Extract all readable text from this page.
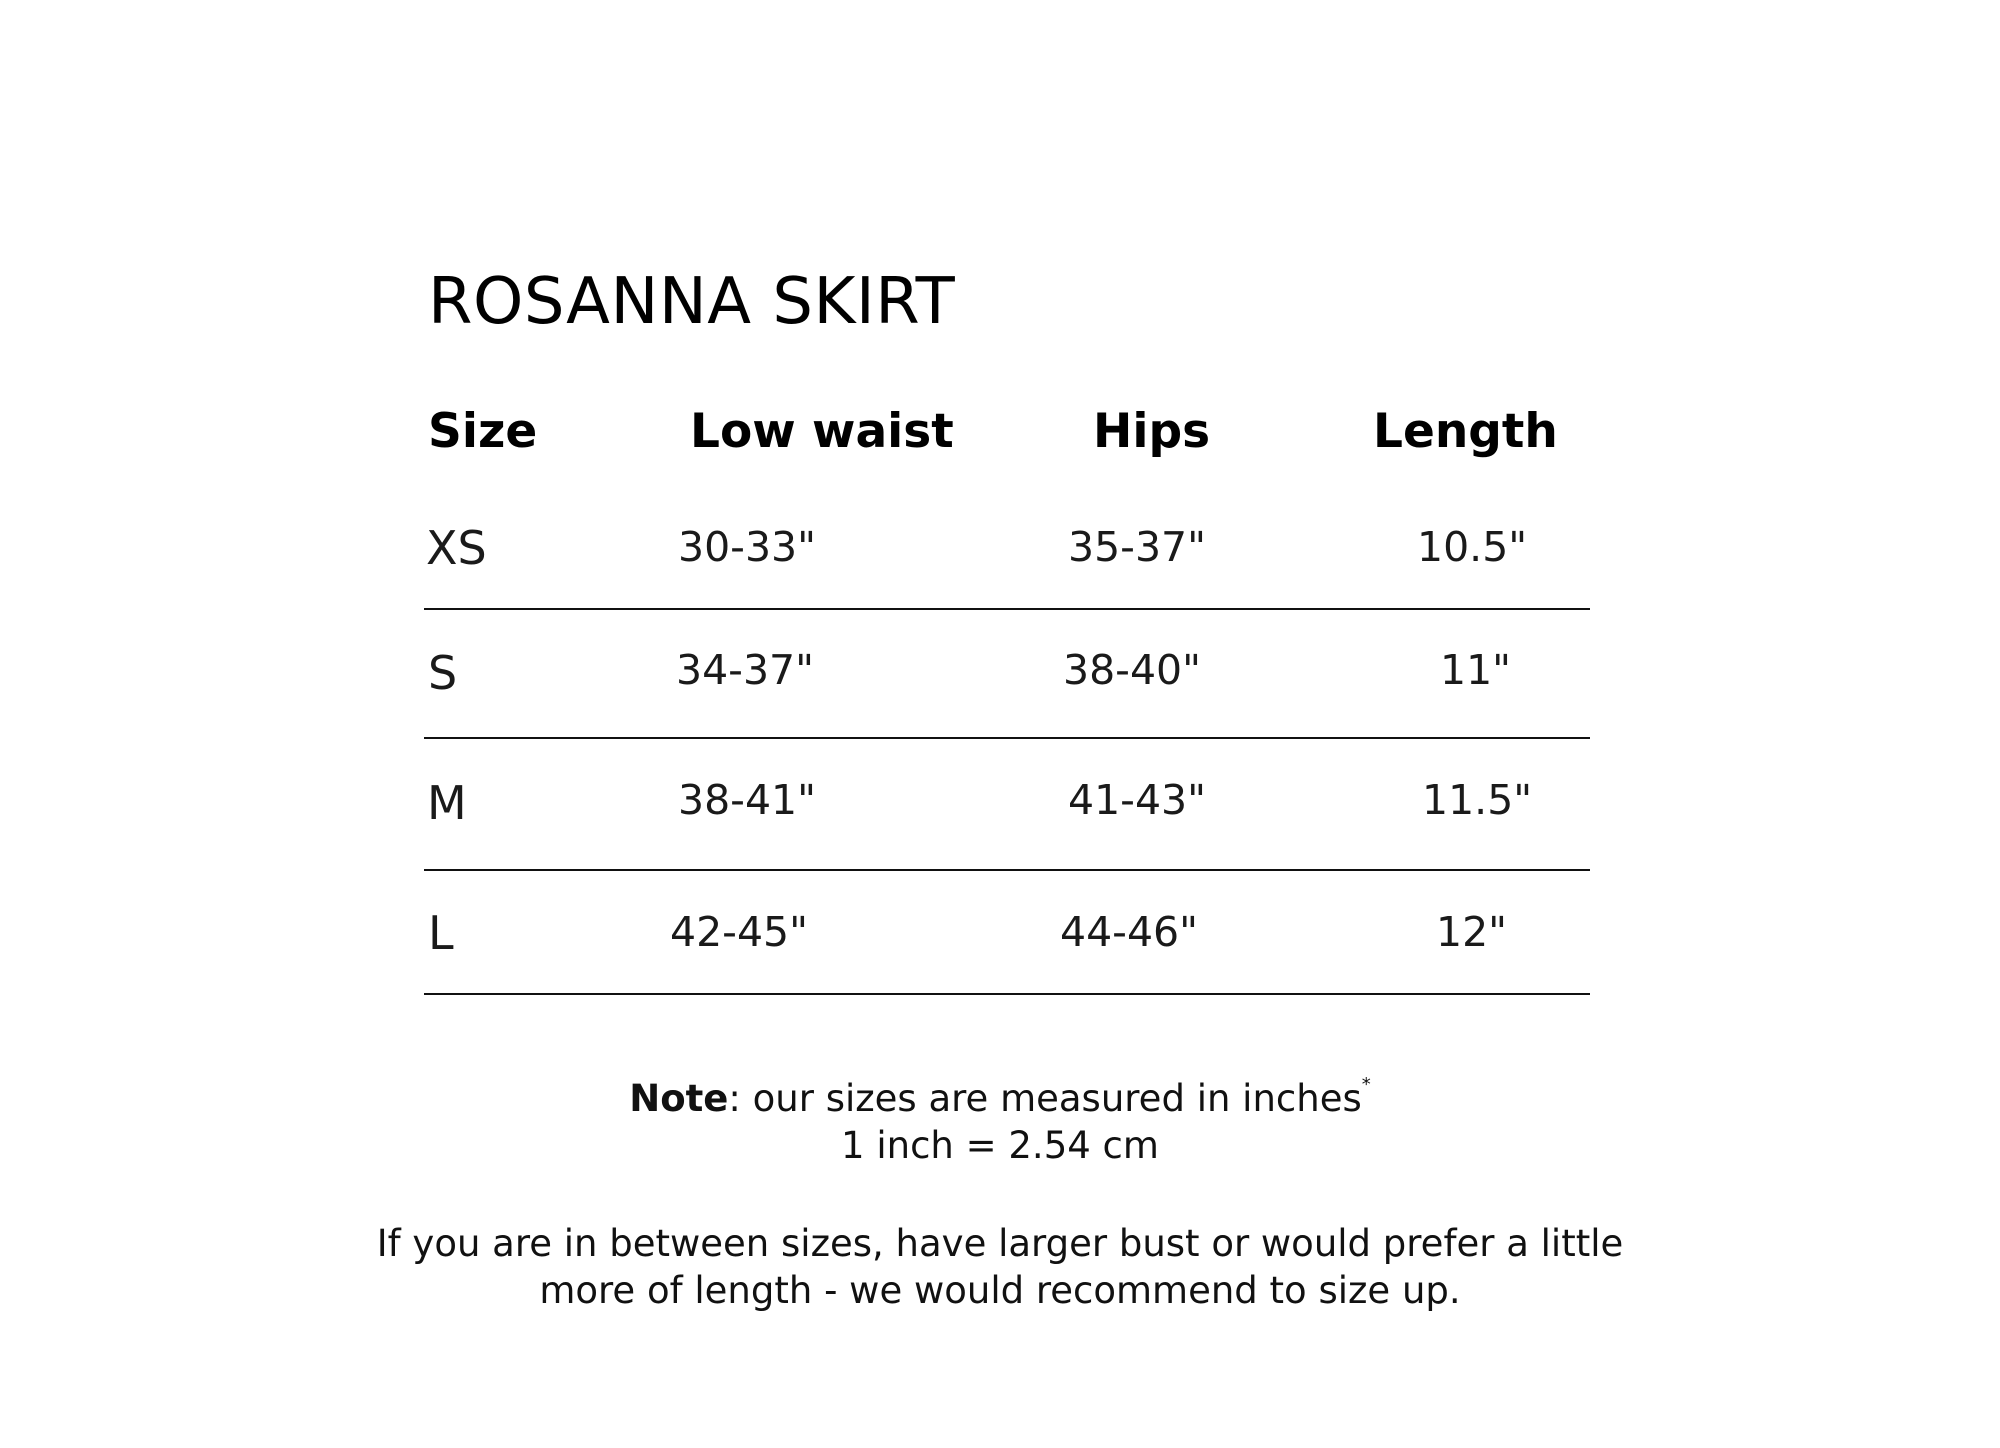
ROSANNA SKIRT
Size	Low waist	Hips	Length
XS	30-33"	35-37"	10.5"
S	34-37"	38-40"	11"
M	38-41"	41-43"	11.5"
L	42-45"	44-46"	12"
Note: our sizes are measured in inches*
1 inch = 2.54 cm
If you are in between sizes, have larger bust or would prefer a little
more of length - we would recommend to size up.
